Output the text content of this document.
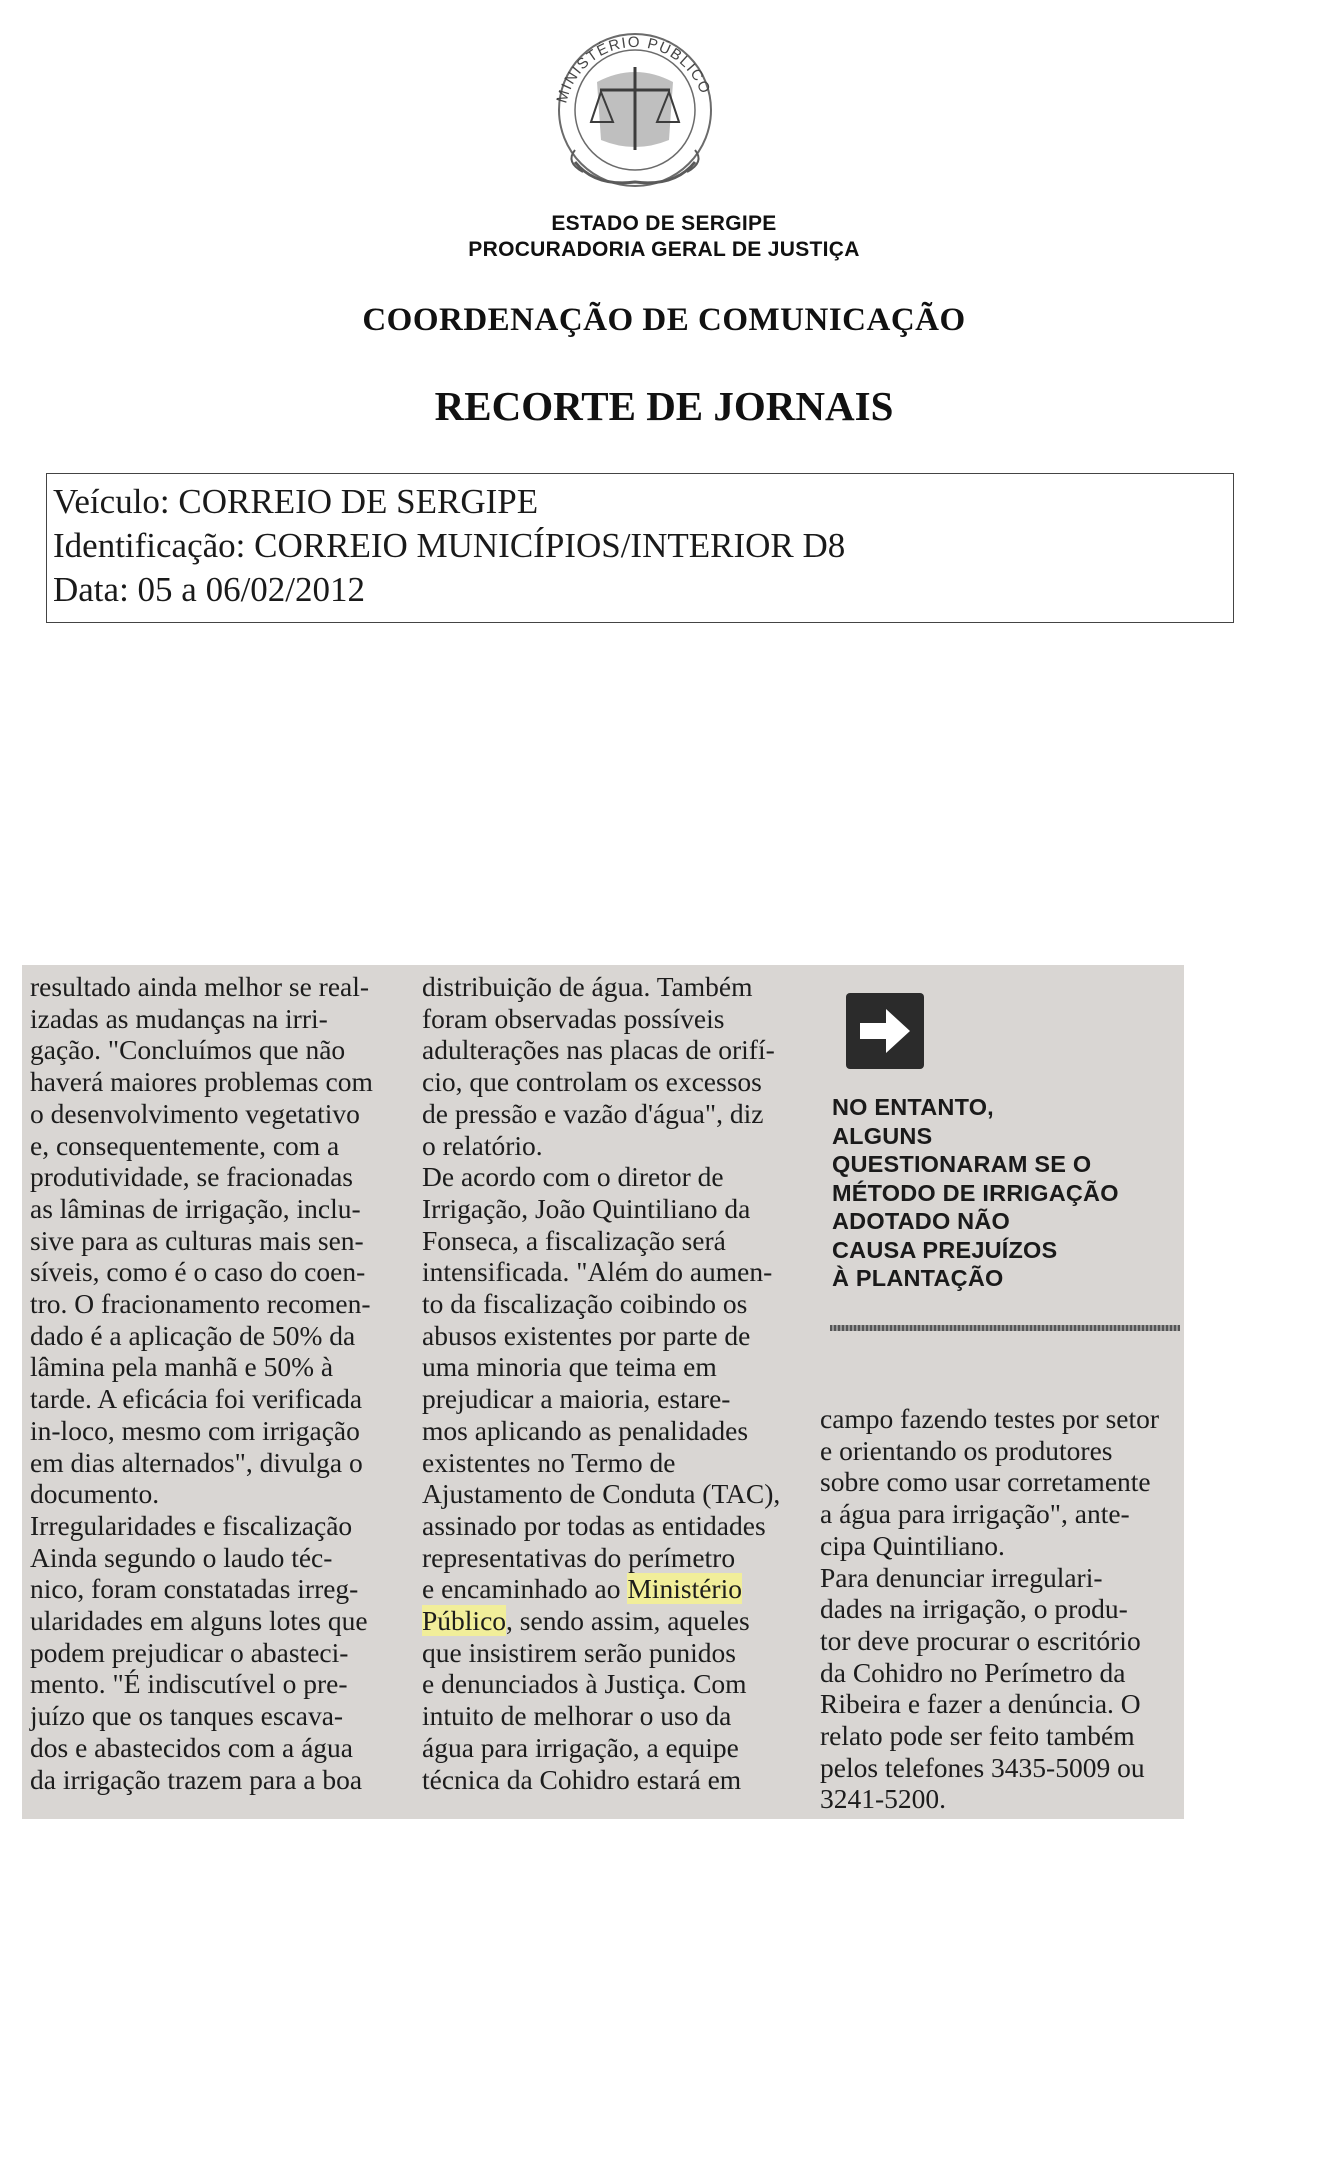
MINISTÉRIO PÚBLICO
ESTADO DE SERGIPE
PROCURADORIA GERAL DE JUSTIÇA
COORDENAÇÃO DE COMUNICAÇÃO
RECORTE DE JORNAIS
Veículo: CORREIO DE SERGIPE
Identificação: CORREIO MUNICÍPIOS/INTERIOR D8
Data: 05 a 06/02/2012
resultado ainda melhor se real-
izadas as mudanças na irri-
gação. "Concluímos que não
haverá maiores problemas com
o desenvolvimento vegetativo
e, consequentemente, com a
produtividade, se fracionadas
as lâminas de irrigação, inclu-
sive para as culturas mais sen-
síveis, como é o caso do coen-
tro. O fracionamento recomen-
dado é a aplicação de 50% da
lâmina pela manhã e 50% à
tarde. A eficácia foi verificada
in-loco, mesmo com irrigação
em dias alternados", divulga o
documento.
Irregularidades e fiscalização
Ainda segundo o laudo téc-
nico, foram constatadas irreg-
ularidades em alguns lotes que
podem prejudicar o abasteci-
mento. "É indiscutível o pre-
juízo que os tanques escava-
dos e abastecidos com a água
da irrigação trazem para a boa
distribuição de água. Também
foram observadas possíveis
adulterações nas placas de orifí-
cio, que controlam os excessos
de pressão e vazão d'água", diz
o relatório.
De acordo com o diretor de
Irrigação, João Quintiliano da
Fonseca, a fiscalização será
intensificada. "Além do aumen-
to da fiscalização coibindo os
abusos existentes por parte de
uma minoria que teima em
prejudicar a maioria, estare-
mos aplicando as penalidades
existentes no Termo de
Ajustamento de Conduta (TAC),
assinado por todas as entidades
representativas do perímetro
e encaminhado ao Ministério
Público, sendo assim, aqueles
que insistirem serão punidos
e denunciados à Justiça. Com
intuito de melhorar o uso da
água para irrigação, a equipe
técnica da Cohidro estará em
NO ENTANTO,
ALGUNS
QUESTIONARAM SE O
MÉTODO DE IRRIGAÇÃO
ADOTADO NÃO
CAUSA PREJUÍZOS
À PLANTAÇÃO
campo fazendo testes por setor
e orientando os produtores
sobre como usar corretamente
a água para irrigação", ante-
cipa Quintiliano.
Para denunciar irregulari-
dades na irrigação, o produ-
tor deve procurar o escritório
da Cohidro no Perímetro da
Ribeira e fazer a denúncia. O
relato pode ser feito também
pelos telefones 3435-5009 ou
3241-5200.
